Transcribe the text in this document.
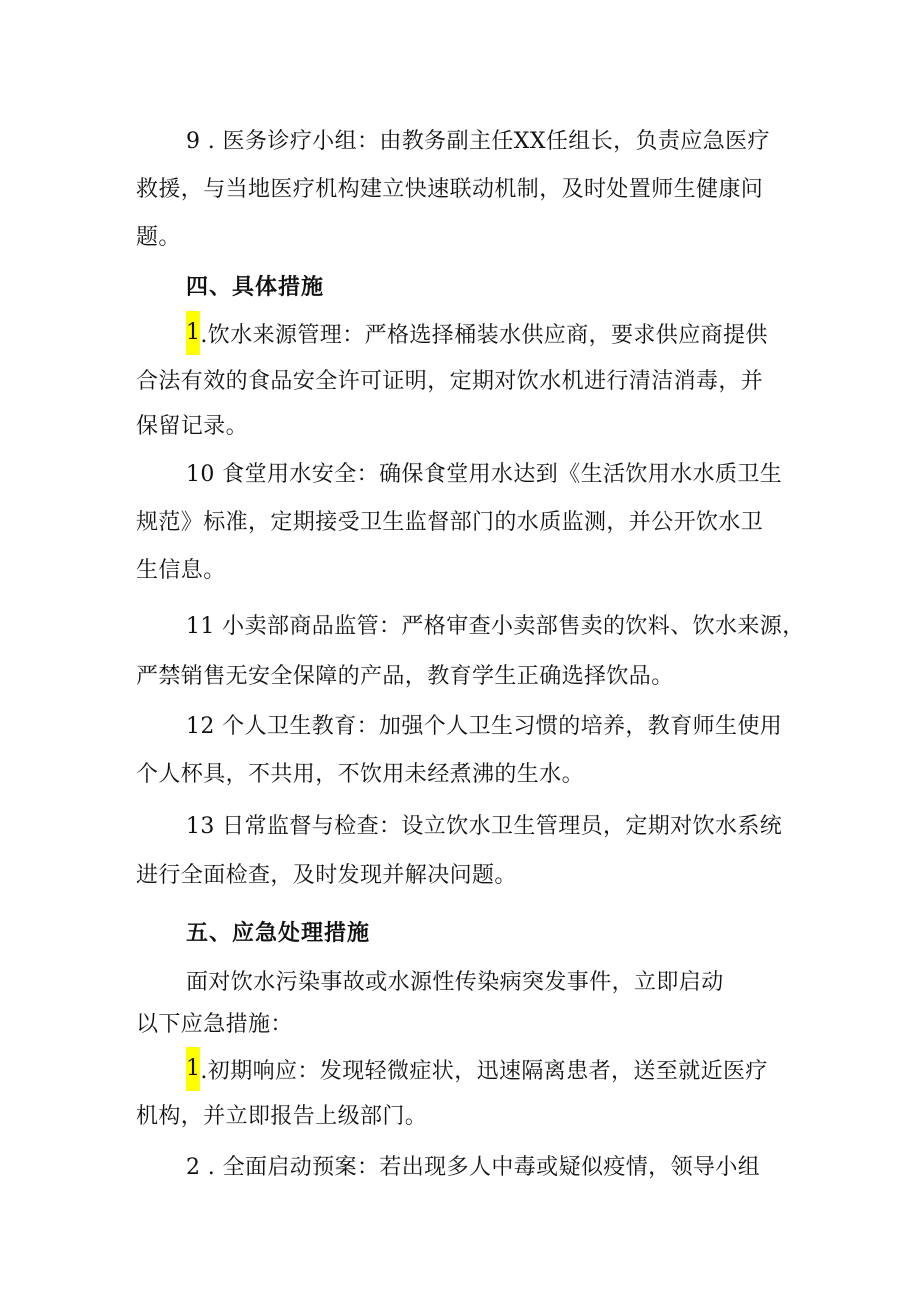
9 . 医务诊疗小组：由教务副主任XX任组长，负责应急医疗
救援，与当地医疗机构建立快速联动机制，及时处置师生健康问
题。
四、具体措施
1.饮水来源管理：严格选择桶装水供应商，要求供应商提供
合法有效的食品安全许可证明，定期对饮水机进行清洁消毒，并
保留记录。
10 食堂用水安全：确保食堂用水达到《生活饮用水水质卫生
规范》标准，定期接受卫生监督部门的水质监测，并公开饮水卫
生信息。
11 小卖部商品监管：严格审查小卖部售卖的饮料、饮水来源，
严禁销售无安全保障的产品，教育学生正确选择饮品。
12 个人卫生教育：加强个人卫生习惯的培养，教育师生使用
个人杯具，不共用，不饮用未经煮沸的生水。
13 日常监督与检查：设立饮水卫生管理员，定期对饮水系统
进行全面检查，及时发现并解决问题。
五、应急处理措施
面对饮水污染事故或水源性传染病突发事件，立即启动
以下应急措施：
1.初期响应：发现轻微症状，迅速隔离患者，送至就近医疗
机构，并立即报告上级部门。
2 . 全面启动预案：若出现多人中毒或疑似疫情，领导小组
